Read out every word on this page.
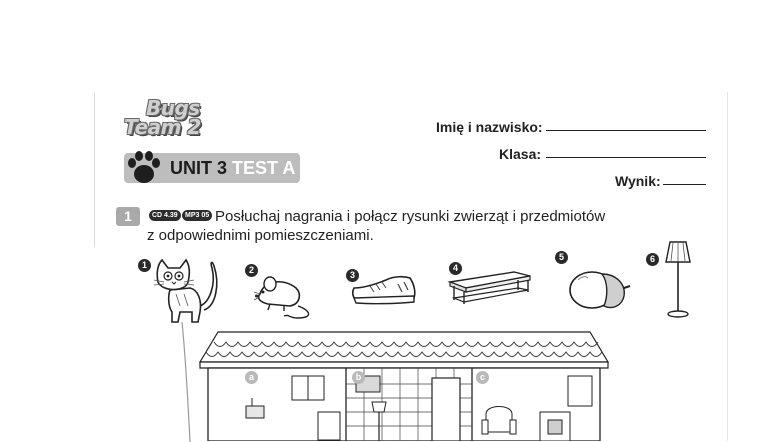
Bugs
Team 2
UNIT 3 TEST A
Imię i nazwisko:
Klasa:
Wynik:
1	CD 4.39	MP3 05 Posłuchaj nagrania i połącz rysunki zwierząt i przedmiotów
z odpowiednimi pomieszczeniami.
1	2	3
4
5	6
a	b	c
